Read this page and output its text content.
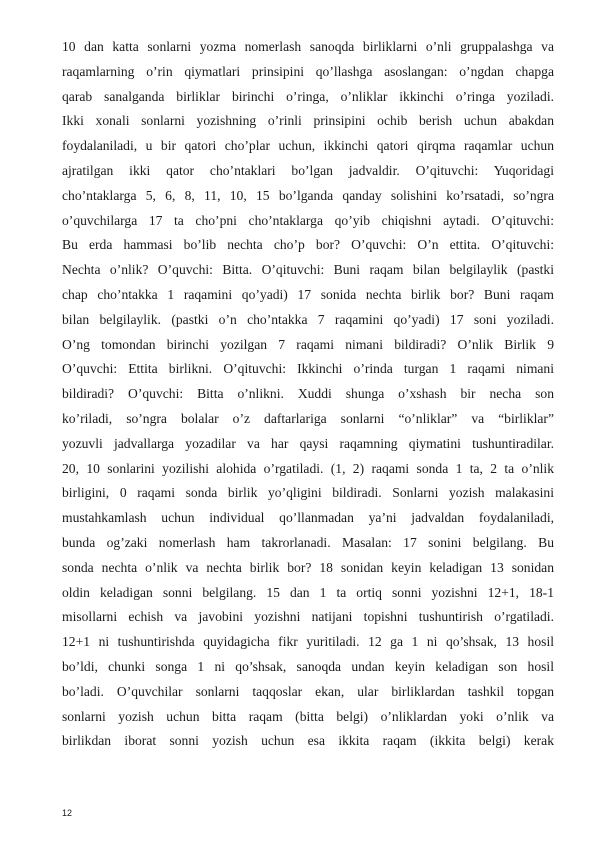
10 dan katta sonlarni yozma nomerlash sanoqda birliklarni o’nli gruppalashga va
raqamlarning o’rin qiymatlari prinsipini qo’llashga asoslangan: o’ngdan chapga
qarab sanalganda birliklar birinchi o’ringa, o’nliklar ikkinchi o’ringa yoziladi.
Ikki xonali sonlarni yozishning o’rinli prinsipini ochib berish uchun abakdan
foydalaniladi, u bir qatori cho’plar uchun, ikkinchi qatori qirqma raqamlar uchun
ajratilgan ikki qator cho’ntaklari bo’lgan jadvaldir. O’qituvchi: Yuqoridagi
cho’ntaklarga 5, 6, 8, 11, 10, 15 bo’lganda qanday solishini ko’rsatadi, so’ngra
o’quvchilarga 17 ta cho’pni cho’ntaklarga qo’yib chiqishni aytadi. O’qituvchi:
Bu erda hammasi bo’lib nechta cho’p bor? O’quvchi: O’n ettita. O’qituvchi:
Nechta o’nlik? O’quvchi: Bitta. O’qituvchi: Buni raqam bilan belgilaylik (pastki
chap cho’ntakka 1 raqamini qo’yadi) 17 sonida nechta birlik bor? Buni raqam
bilan belgilaylik. (pastki o’n cho’ntakka 7 raqamini qo’yadi) 17 soni yoziladi.
O’ng tomondan birinchi yozilgan 7 raqami nimani bildiradi? O’nlik Birlik 9
O’quvchi: Ettita birlikni. O’qituvchi: Ikkinchi o’rinda turgan 1 raqami nimani
bildiradi? O’quvchi: Bitta o’nlikni. Xuddi shunga o’xshash bir necha son
ko’riladi, so’ngra bolalar o’z daftarlariga sonlarni “o’nliklar” va “birliklar”
yozuvli jadvallarga yozadilar va har qaysi raqamning qiymatini tushuntiradilar.
20, 10 sonlarini yozilishi alohida o’rgatiladi. (1, 2) raqami sonda 1 ta, 2 ta o’nlik
birligini, 0 raqami sonda birlik yo’qligini bildiradi. Sonlarni yozish malakasini
mustahkamlash uchun individual qo’llanmadan ya’ni jadvaldan foydalaniladi,
bunda og’zaki nomerlash ham takrorlanadi. Masalan: 17 sonini belgilang. Bu
sonda nechta o’nlik va nechta birlik bor? 18 sonidan keyin keladigan 13 sonidan
oldin keladigan sonni belgilang. 15 dan 1 ta ortiq sonni yozishni 12+1, 18-1
misollarni echish va javobini yozishni natijani topishni tushuntirish o’rgatiladi.
12+1 ni tushuntirishda quyidagicha fikr yuritiladi. 12 ga 1 ni qo’shsak, 13 hosil
bo’ldi, chunki songa 1 ni qo’shsak, sanoqda undan keyin keladigan son hosil
bo’ladi. O’quvchilar sonlarni taqqoslar ekan, ular birliklardan tashkil topgan
sonlarni yozish uchun bitta raqam (bitta belgi) o’nliklardan yoki o’nlik va
birlikdan iborat sonni yozish uchun esa ikkita raqam (ikkita belgi) kerak
12
